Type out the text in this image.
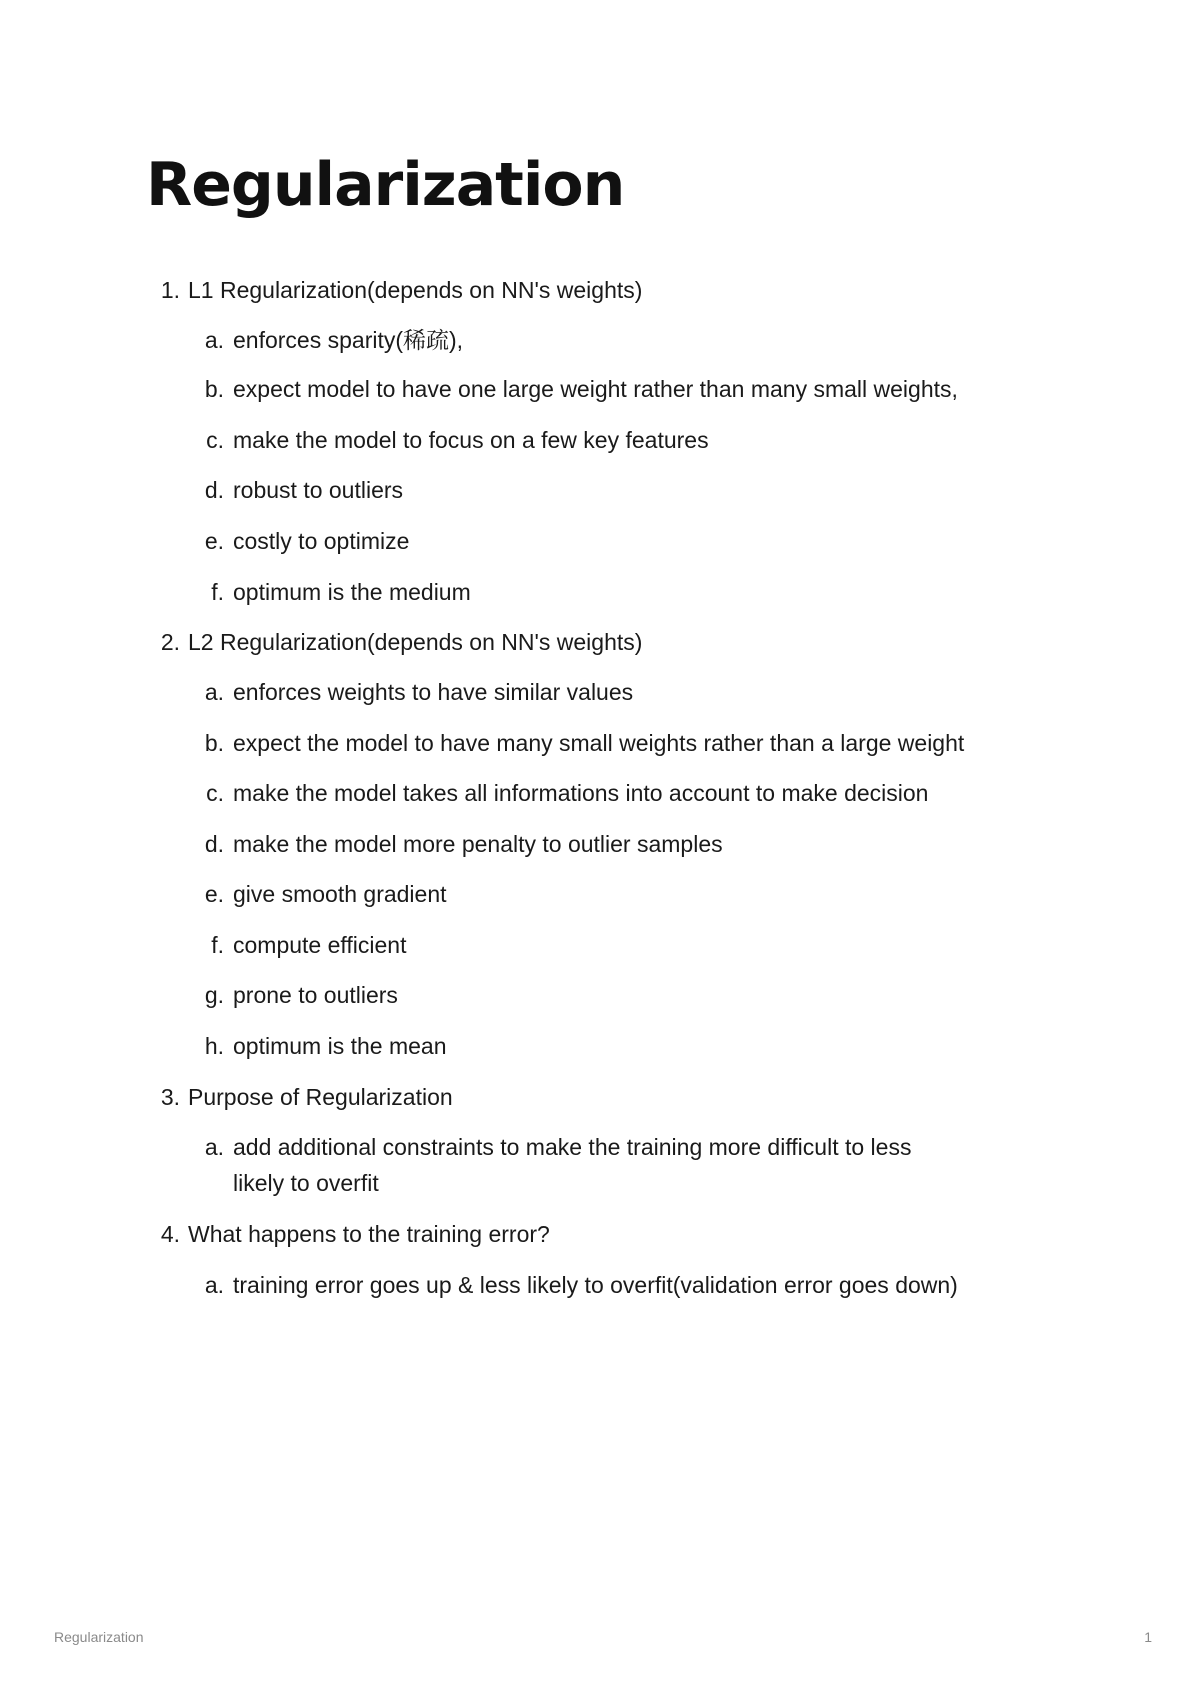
Regularization
1. L1 Regularization(depends on NN's weights)
a. enforces sparity(稀疏),
b. expect model to have one large weight rather than many small weights,
c. make the model to focus on a few key features
d. robust to outliers
e. costly to optimize
f. optimum is the medium
2. L2 Regularization(depends on NN's weights)
a. enforces weights to have similar values
b. expect the model to have many small weights rather than a large weight
c. make the model takes all informations into account to make decision
d. make the model more penalty to outlier samples
e. give smooth gradient
f. compute efficient
g. prone to outliers
h. optimum is the mean
3. Purpose of Regularization
a. add additional constraints to make the training more difficult to less
likely to overfit
4. What happens to the training error?
a. training error goes up & less likely to overfit(validation error goes down)
Regularization	1
